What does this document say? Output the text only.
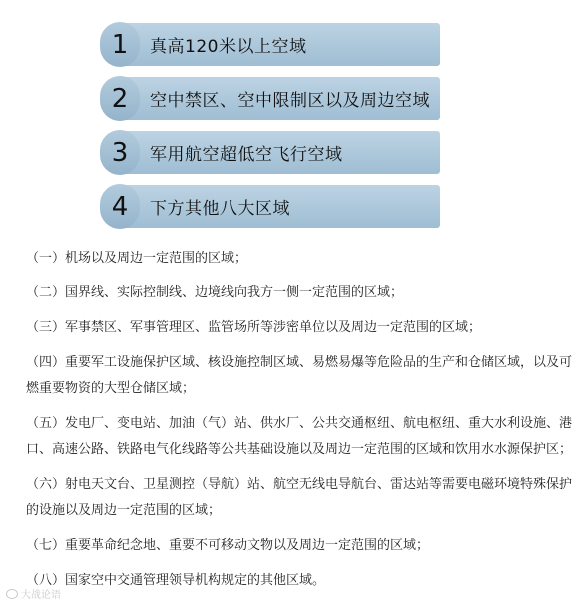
1	真高120米以上空域
2	空中禁区、空中限制区以及周边空域
3	军用航空超低空飞行空域
4	下方其他八大区域
（一）机场以及周边一定范围的区域；
（二）国界线、实际控制线、边境线向我方一侧一定范围的区域；
（三）军事禁区、军事管理区、监管场所等涉密单位以及周边一定范围的区域；
（四）重要军工设施保护区域、核设施控制区域、易燃易爆等危险品的生产和仓储区域，以及可燃重要物资的大型仓储区域；
（五）发电厂、变电站、加油（气）站、供水厂、公共交通枢纽、航电枢纽、重大水利设施、港口、高速公路、铁路电气化线路等公共基础设施以及周边一定范围的区域和饮用水水源保护区；
（六）射电天文台、卫星测控（导航）站、航空无线电导航台、雷达站等需要电磁环境特殊保护的设施以及周边一定范围的区域；
（七）重要革命纪念地、重要不可移动文物以及周边一定范围的区域；
（八）国家空中交通管理领导机构规定的其他区域。
大战论语
